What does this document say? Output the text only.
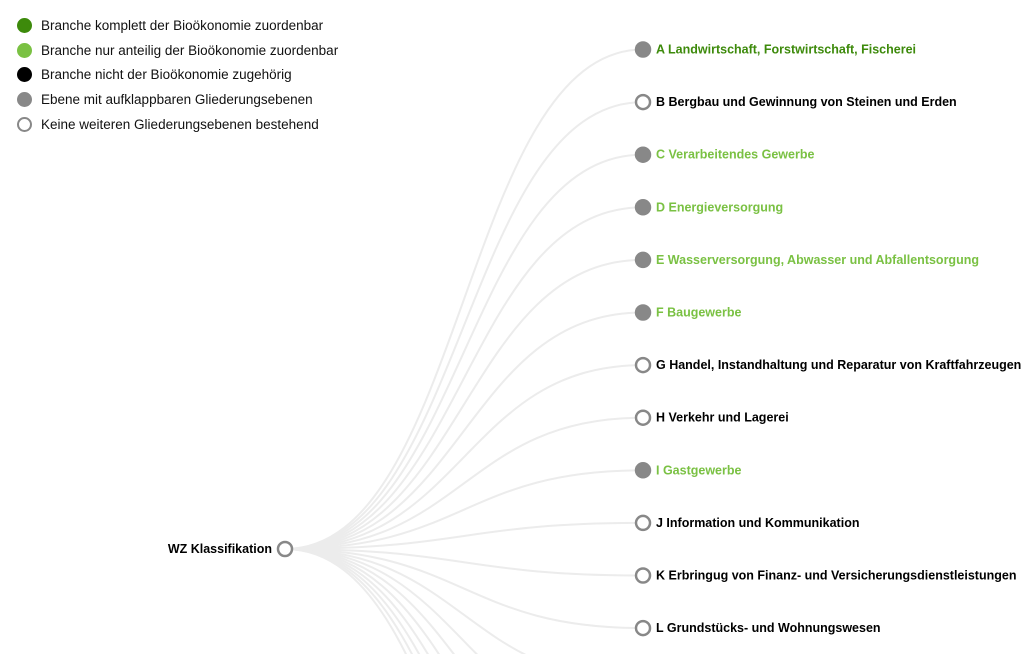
Branche komplett der Bioökonomie zuordenbar
Branche nur anteilig der Bioökonomie zuordenbar
Branche nicht der Bioökonomie zugehörig
Ebene mit aufklappbaren Gliederungsebenen
Keine weiteren Gliederungsebenen bestehend
WZ Klassifikation
A Landwirtschaft, Forstwirtschaft, Fischerei
B Bergbau und Gewinnung von Steinen und Erden
C Verarbeitendes Gewerbe
D Energieversorgung
E Wasserversorgung, Abwasser und Abfallentsorgung
F Baugewerbe
G Handel, Instandhaltung und Reparatur von Kraftfahrzeugen
H Verkehr und Lagerei
I Gastgewerbe
J Information und Kommunikation
K Erbringug von Finanz- und Versicherungsdienstleistungen
L Grundstücks- und Wohnungswesen
